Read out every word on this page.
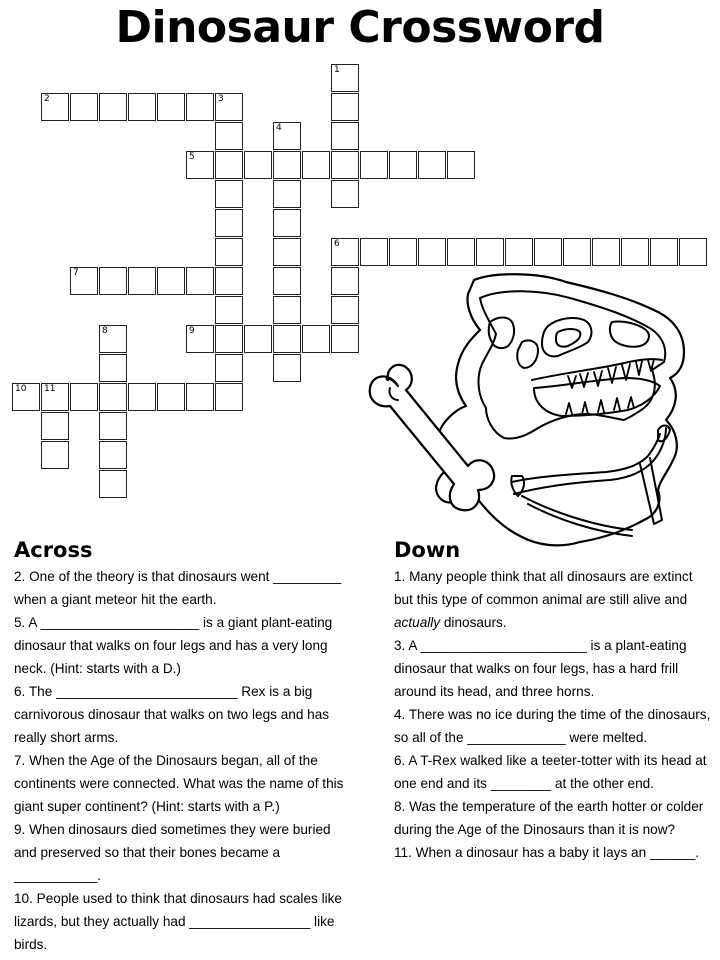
Dinosaur Crossword
2	3
5
6
7
9
10 11
1
4
8
Across

2. One of the theory is that dinosaurs went _________ when a giant meteor hit the earth.

5. A _____________________ is a giant plant-eating dinosaur that walks on four legs and has a very long neck. (Hint: starts with a D.)

6. The ________________________ Rex is a big carnivorous dinosaur that walks on two legs and has really short arms.

7. When the Age of the Dinosaurs began, all of the continents were connected. What was the name of this giant super continent? (Hint: starts with a P.)

9. When dinosaurs died sometimes they were buried and preserved so that their bones became a ___________.

10. People used to think that dinosaurs had scales like lizards, but they actually had ________________ like birds.

Down

1. Many people think that all dinosaurs are extinct but this type of common animal are still alive and actually dinosaurs.

3. A ______________________ is a plant-eating dinosaur that walks on four legs, has a hard frill around its head, and three horns.

4. There was no ice during the time of the dinosaurs, so all of the _____________ were melted.

6. A T-Rex walked like a teeter-totter with its head at one end and its ________ at the other end.

8. Was the temperature of the earth hotter or colder during the Age of the Dinosaurs than it is now?

11. When a dinosaur has a baby it lays an ______.
